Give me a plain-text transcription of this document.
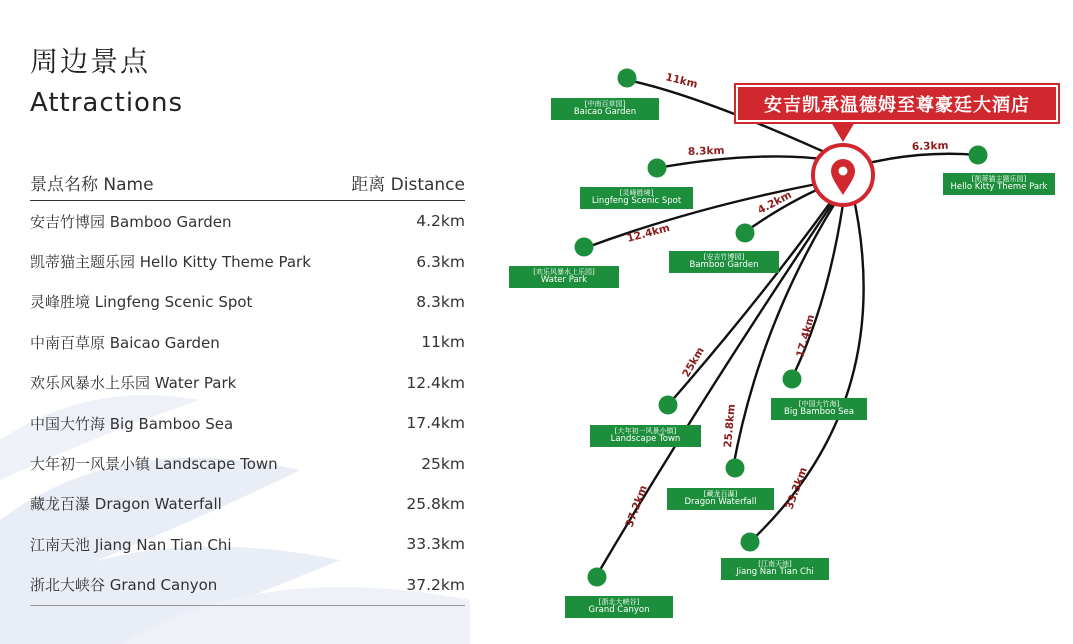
周边景点
Attractions
景点名称 Name	距离 Distance
安吉竹博园 Bamboo Garden	4.2km
凯蒂猫主题乐园 Hello Kitty Theme Park	6.3km
灵峰胜境 Lingfeng Scenic Spot	8.3km
中南百草原 Baicao Garden	11km
欢乐风暴水上乐园 Water Park	12.4km
中国大竹海 Big Bamboo Sea	17.4km
大年初一风景小镇 Landscape Town	25km
藏龙百瀑 Dragon Waterfall	25.8km
江南天池 Jiang Nan Tian Chi	33.3km
浙北大峡谷 Grand Canyon	37.2km
11km
8.3km	6.3km
4.2km
12.4km
17.4km
25km
25.8km
33.3km
37.2km
安吉凯承温德姆至尊豪廷大酒店
[中南百草园]
Baicao Garden
[灵峰胜境]
Lingfeng Scenic Spot
[凯蒂猫主题乐园]
Hello Kitty Theme Park
[安吉竹博园]
Bamboo Garden
[欢乐风暴水上乐园]
Water Park
[中国大竹海]
Big Bamboo Sea
[大年初一风景小镇]
Landscape Town
[藏龙百瀑]
Dragon Waterfall
[江南天池]
Jiang Nan Tian Chi
[浙北大峡谷]
Grand Canyon
